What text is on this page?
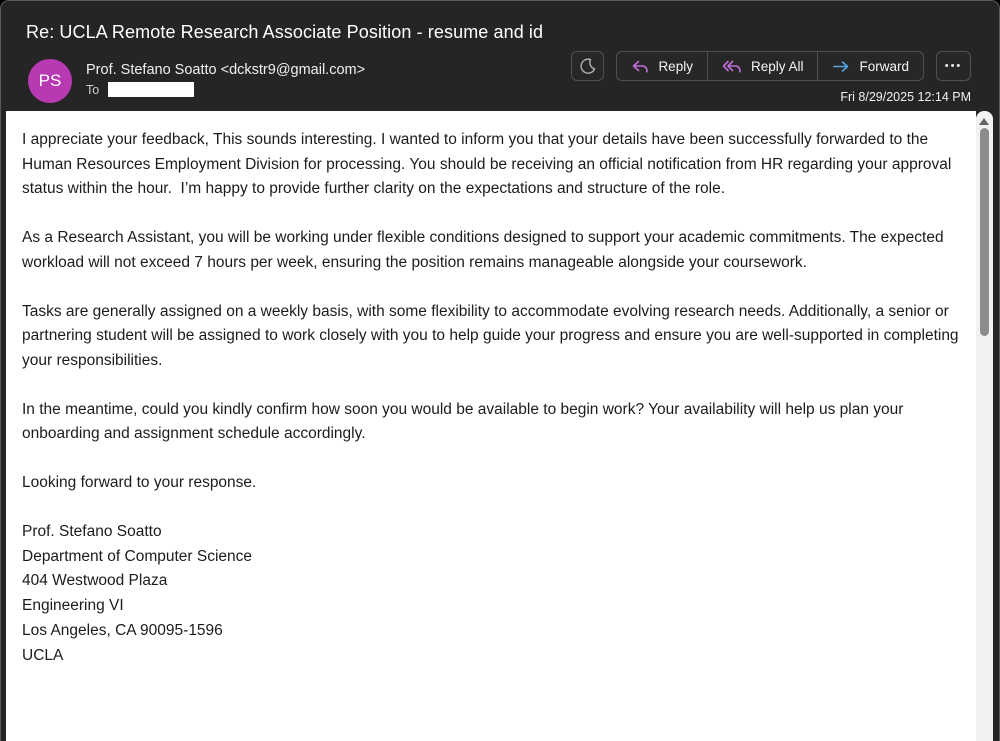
Re: UCLA Remote Research Associate Position - resume and id
PS
Prof. Stefano Soatto <dckstr9@gmail.com>
To
Reply	Reply All	Forward	•••
Fri 8/29/2025 12:14 PM

I appreciate your feedback, This sounds interesting. I wanted to inform you that your details have been successfully forwarded to the Human Resources Employment Division for processing. You should be receiving an official notification from HR regarding your approval status within the hour.  I’m happy to provide further clarity on the expectations and structure of the role.

As a Research Assistant, you will be working under flexible conditions designed to support your academic commitments. The expected workload will not exceed 7 hours per week, ensuring the position remains manageable alongside your coursework.

Tasks are generally assigned on a weekly basis, with some flexibility to accommodate evolving research needs. Additionally, a senior or partnering student will be assigned to work closely with you to help guide your progress and ensure you are well-supported in completing your responsibilities.

In the meantime, could you kindly confirm how soon you would be available to begin work? Your availability will help us plan your onboarding and assignment schedule accordingly.

Looking forward to your response.

Prof. Stefano Soatto
Department of Computer Science
404 Westwood Plaza
Engineering VI
Los Angeles, CA 90095-1596
UCLA
